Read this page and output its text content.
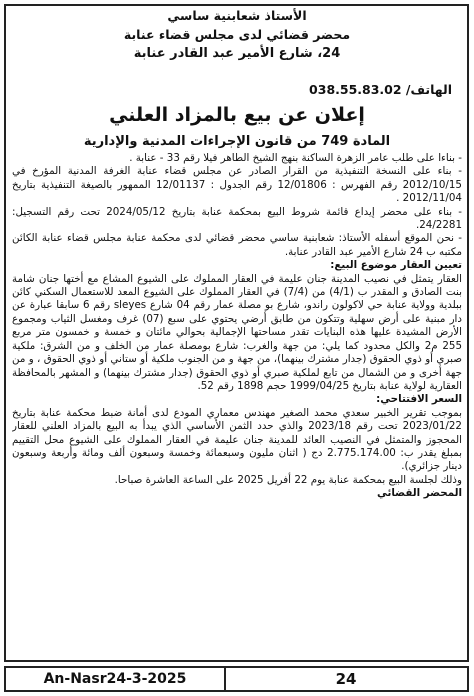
الأستاذ شعابنية ساسي
محضر قضائي لدى مجلس قضاء عنابة
24، شارع الأمير عبد القادر عنابة
الهاتف/ 038.55.83.02
إعلان عن بيع بالمزاد العلني
المادة 749 من قانون الإجراءات المدنية والإدارية

- بناءا على طلب عامر الزهرة الساكنة بنهج الشيخ الطاهر فيلا رقم 33 - عنابة .

- بناء على النسخة التنفيذية من القرار الصادر عن مجلس قضاء عنابة الغرفة المدنية المؤرخ في 2012/10/15 رقم الفهرس : 12/01806 رقم الجدول : 12/01137 الممهور بالصيغة التنفيذية بتاريخ 2012/11/04 .

- بناء على محضر إيداع قائمة شروط البيع بمحكمة عنابة بتاريخ 2024/05/12 تحت رقم التسجيل: 24/2281.

- نحن الموقع أسفله الأستاذ: شعابنية ساسي محضر قضائي لدى محكمة عنابة مجلس قضاء عنابة الكائن مكتبه ب 24 شارع الأمير عبد القادر عنابة.

تعيين العقار موضوع البيع:

العقار يتمثل في نصيب المدينة جنان عليمة في العقار المملوك على الشيوع المشاع مع أختها جنان شامة بنت الصادق و المقدر ب (4/1) من (7/4) في العقار المملوك على الشيوع المعد للاستعمال السكني كائن ببلدية وولاية عنابة حي لاكولون راندو، شارع بو مصلة عمار رقم 04 شارع sleyes رقم 6 سابقا عبارة عن دار مبنية على أرض سهلية وتتكون من طابق أرضي يحتوي على سبع (07) غرف ومغسل الثياب ومجموع الأرض المشيدة عليها هذه البنايات تقدر مساحتها الإجمالية بحوالي مائتان و خمسة و خمسون متر مربع 255 م2 والكل محدود كما يلي: من جهة والغرب: شارع بومصلة عمار من الخلف و من الشرق: ملكية صبري أو ذوي الحقوق (جدار مشترك بينهما)، من جهة و من الجنوب ملكية أو ستاني أو ذوي الحقوق ، و من جهة أخرى و من الشمال من تابع لملكية صبري أو ذوي الحقوق (جدار مشترك بينهما) و المشهر بالمحافظة العقارية لولاية عنابة بتاريخ 1999/04/25 حجم 1898 رقم 52.

السعر الافتتاحي:

بموجب تقرير الخبير سعدي محمد الصغير مهندس معماري المودع لدى أمانة ضبط محكمة عنابة بتاريخ 2023/01/22 تحت رقم 2023/18 والذي حدد الثمن الأساسي الذي يبدأ به البيع بالمزاد العلني للعقار المحجوز والمتمثل في النصيب العائد للمدينة جنان عليمة في العقار المملوك على الشيوع محل التقييم بمبلغ يقدر ب: 2.775.174.00 دج ( اثنان مليون وسبعمائة وخمسة وسبعون ألف ومائة وأربعة وسبعون دينار جزائري).

وذلك لجلسة البيع بمحكمة عنابة يوم 22 أفريل 2025 على الساعة العاشرة صباحا.

المحضر القضائي

An-Nasr24-3-2025	24
